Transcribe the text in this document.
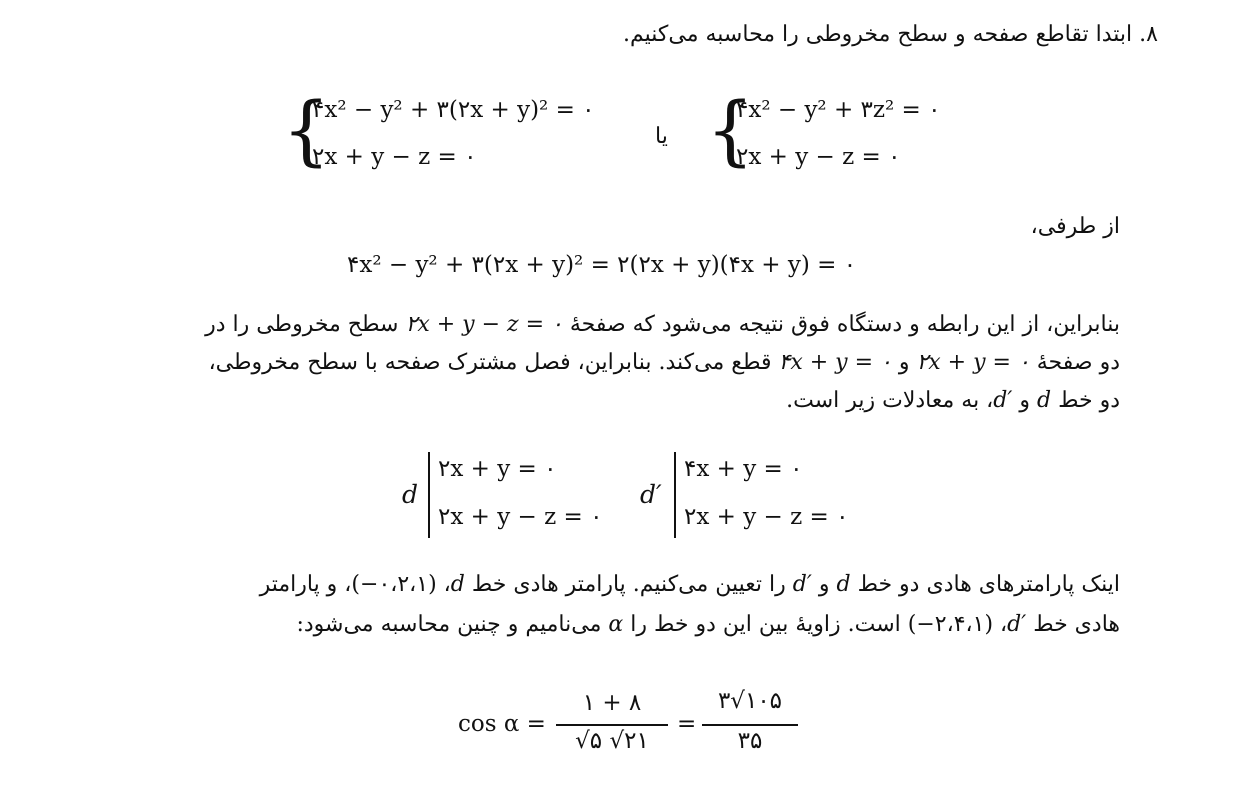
۸. ابتدا تقاطع صفحه و سطح مخروطی را محاسبه می‌کنیم.
{
۴x² − y² + ۳(۲x + y)² = ۰
۲x + y − z = ۰
یا {
۴x² − y² + ۳z² = ۰
۲x + y − z = ۰
از طرفی،
۴x² − y² + ۳(۲x + y)² = ۲(۲x + y)(۴x + y) = ۰
بنابراین، از این رابطه و دستگاه فوق نتیجه می‌شود که صفحهٔ ۲x + y − z = ۰ سطح مخروطی را در
دو صفحهٔ ۲x + y = ۰ و ۴x + y = ۰ قطع می‌کند. بنابراین، فصل مشترک صفحه با سطح مخروطی،
دو خط d و d′، به معادلات زیر است.
d
۲x + y = ۰
۲x + y − z = ۰
d′
۴x + y = ۰
۲x + y − z = ۰
اینک پارامترهای هادی دو خط d و d′ را تعیین می‌کنیم. پارامتر هادی خط d، (۰،۲،۱−)، و پارامتر
هادی خط d′، (۲،۴،۱−) است. زاویهٔ بین این دو خط را α می‌نامیم و چنین محاسبه می‌شود:
cos α =
۱ + ۸
√۵ √۲۱
=
۳√۱۰۵
۳۵
